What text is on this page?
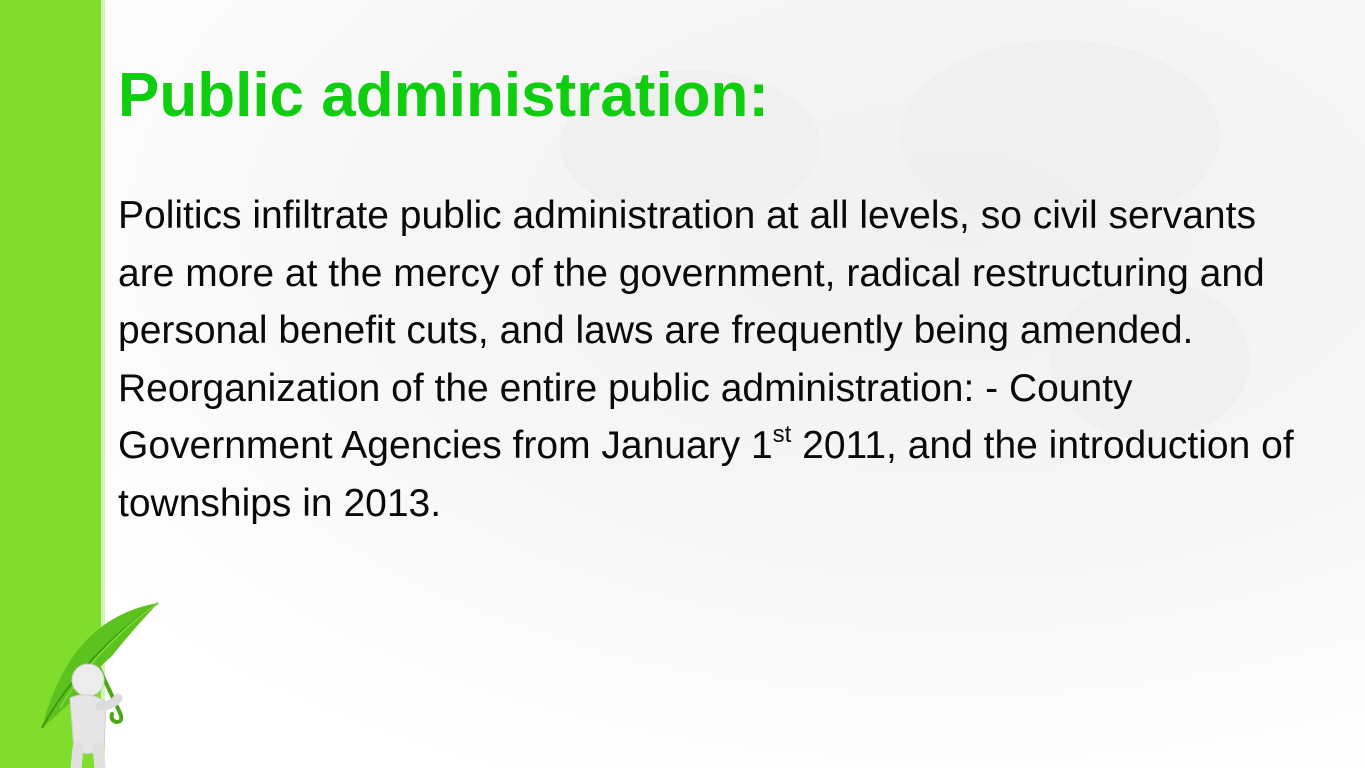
Public administration:

Politics infiltrate public administration at all levels, so civil servants are more at the mercy of the government, radical restructuring and personal benefit cuts, and laws are frequently being amended. Reorganization of the entire public administration: - County Government Agencies from January 1st 2011, and the introduction of townships in 2013.
